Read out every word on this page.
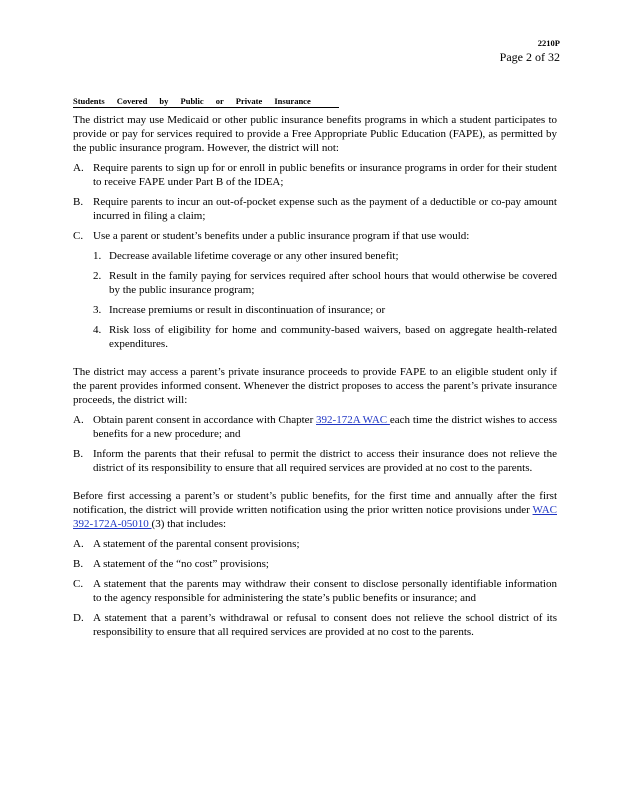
2210P
Page 2 of 32
Students Covered by Public or Private Insurance

The district may use Medicaid or other public insurance benefits programs in which a student participates to provide or pay for services required to provide a Free Appropriate Public Education (FAPE), as permitted by the public insurance program. However, the district will not:

A. Require parents to sign up for or enroll in public benefits or insurance programs in order for their student to receive FAPE under Part B of the IDEA;
B. Require parents to incur an out-of-pocket expense such as the payment of a deductible or co-pay amount incurred in filing a claim;
C. Use a parent or student’s benefits under a public insurance program if that use would:
1. Decrease available lifetime coverage or any other insured benefit;
2. Result in the family paying for services required after school hours that would otherwise be covered by the public insurance program;
3. Increase premiums or result in discontinuation of insurance; or
4. Risk loss of eligibility for home and community-based waivers, based on aggregate health-related expenditures.

The district may access a parent’s private insurance proceeds to provide FAPE to an eligible student only if the parent provides informed consent. Whenever the district proposes to access the parent’s private insurance proceeds, the district will:

A. Obtain parent consent in accordance with Chapter 392-172A WAC each time the district wishes to access benefits for a new procedure; and
B. Inform the parents that their refusal to permit the district to access their insurance does not relieve the district of its responsibility to ensure that all required services are provided at no cost to the parents.

Before first accessing a parent’s or student’s public benefits, for the first time and annually after the first notification, the district will provide written notification using the prior written notice provisions under WAC 392-172A-05010 (3) that includes:

A. A statement of the parental consent provisions;
B. A statement of the “no cost” provisions;
C. A statement that the parents may withdraw their consent to disclose personally identifiable information to the agency responsible for administering the state’s public benefits or insurance; and
D. A statement that a parent’s withdrawal or refusal to consent does not relieve the school district of its responsibility to ensure that all required services are provided at no cost to the parents.
